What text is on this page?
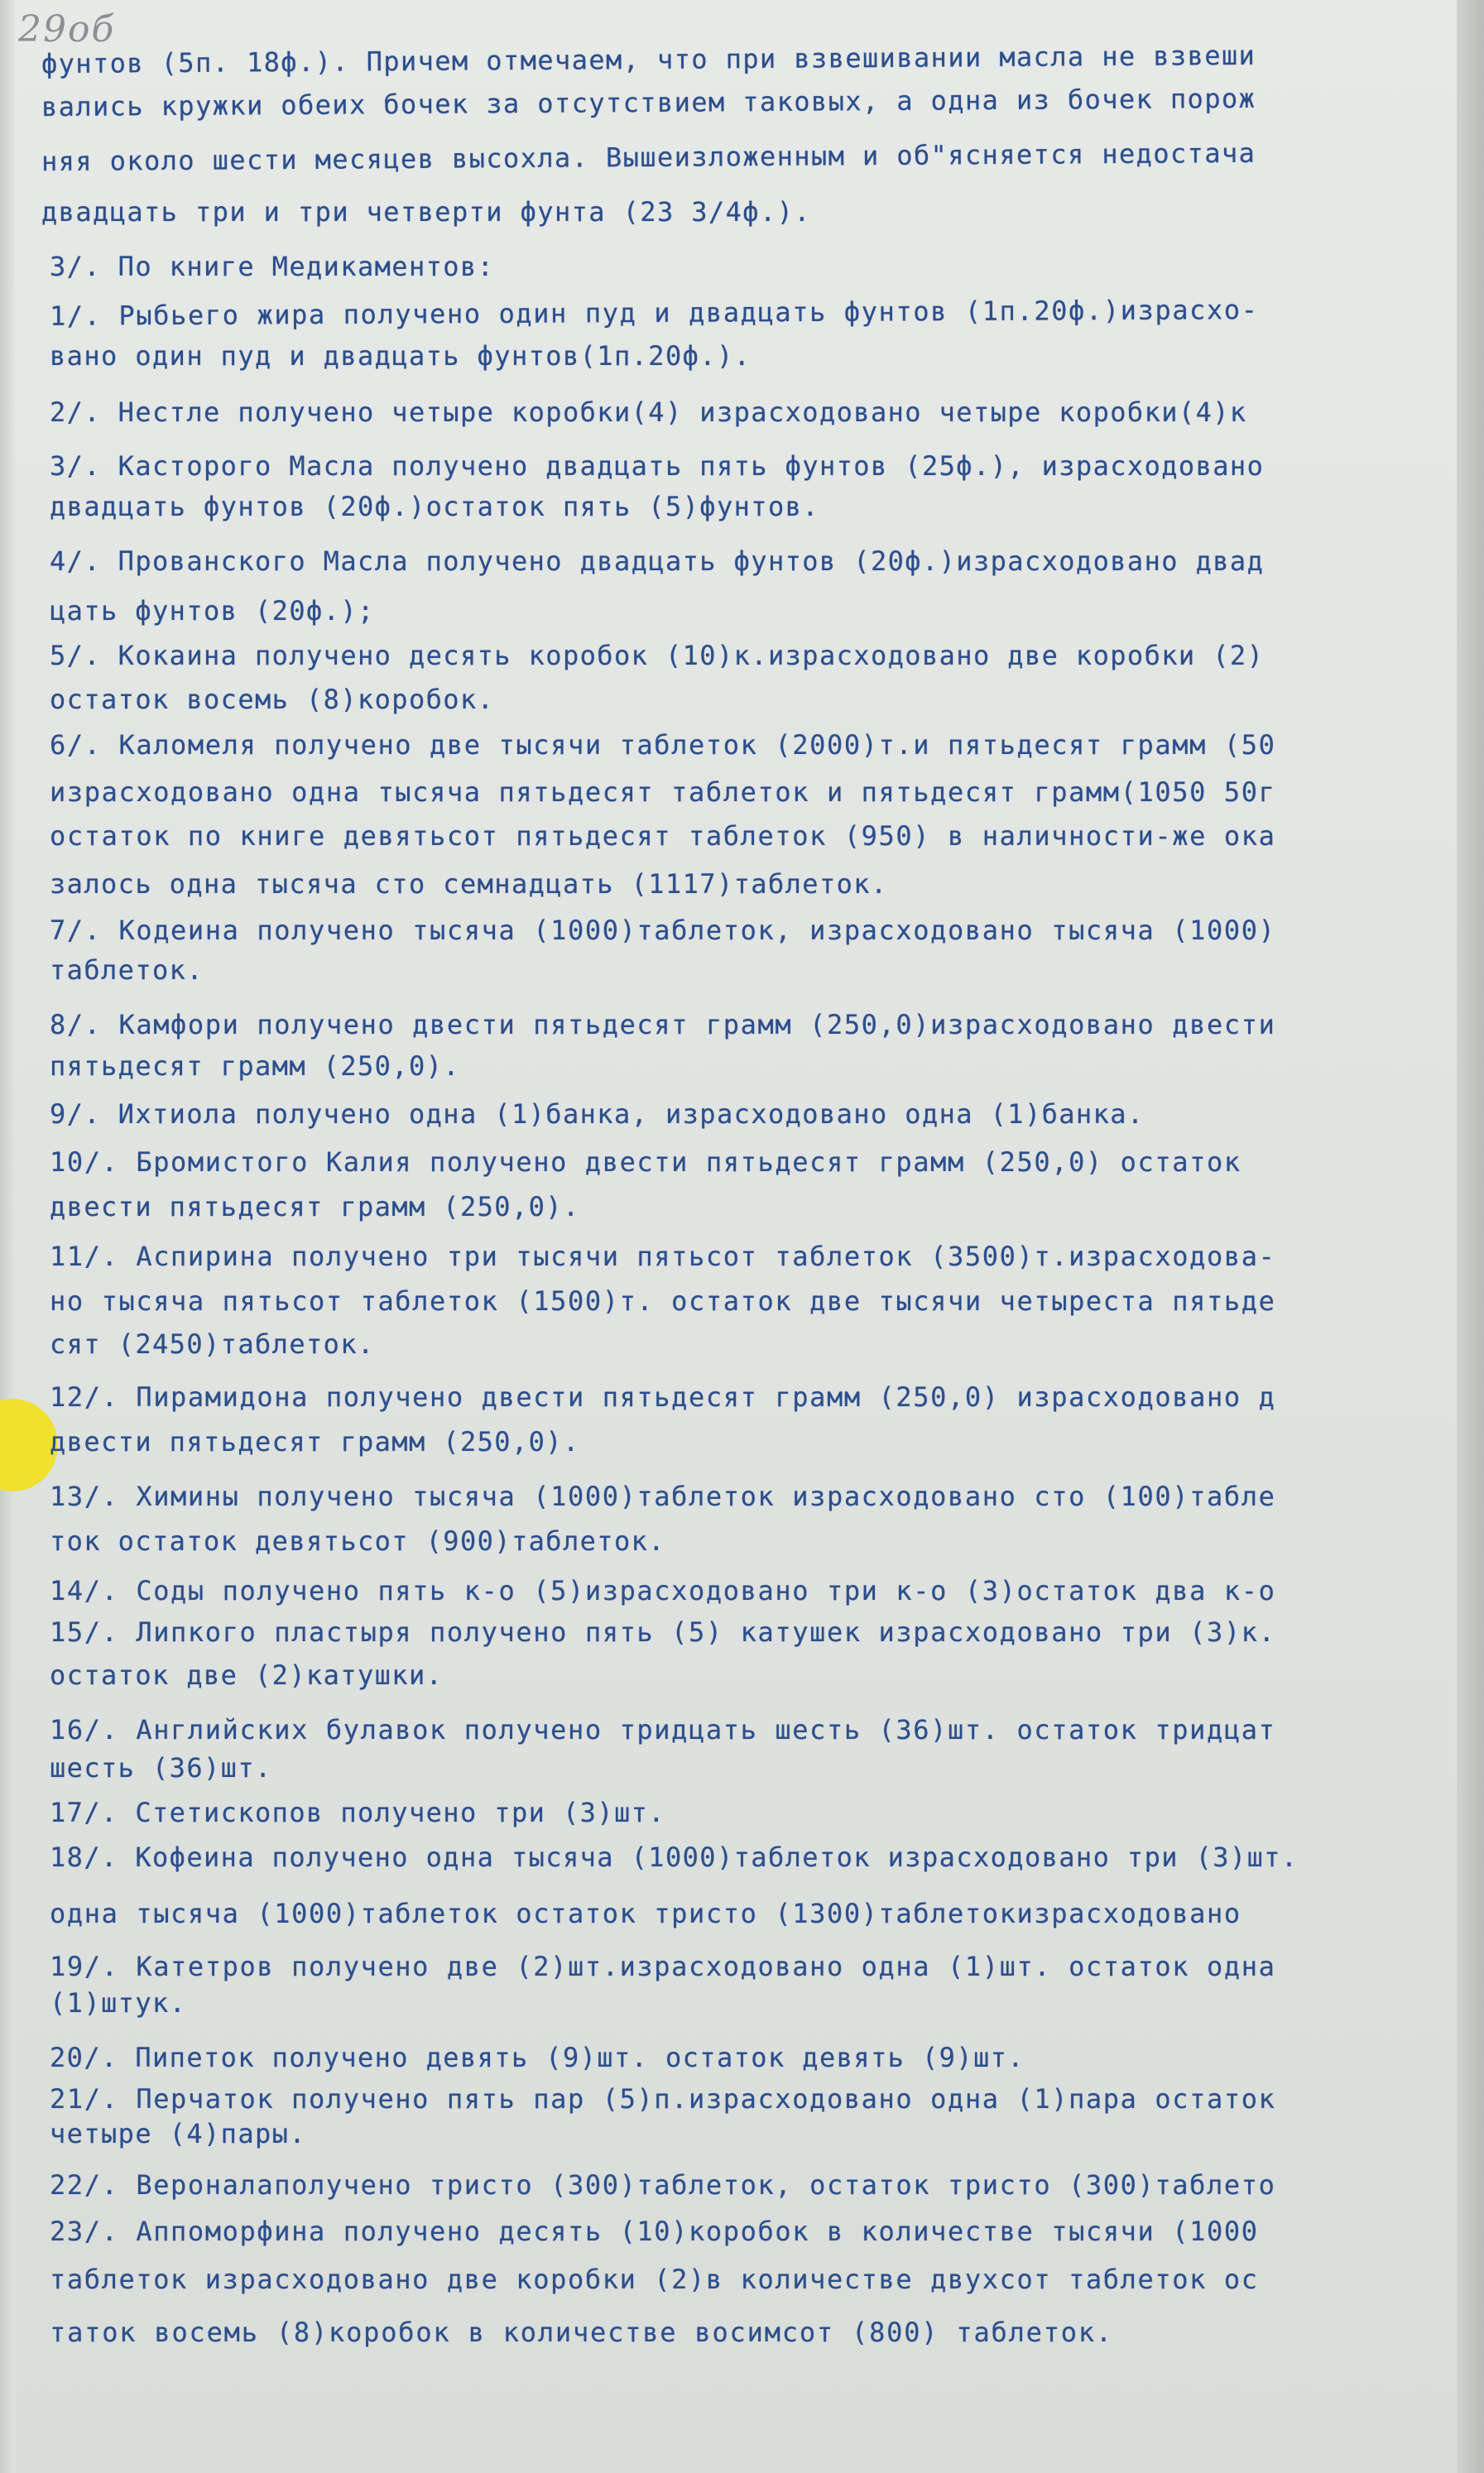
29об
фунтов (5п. 18ф.). Причем отмечаем, что при взвешивании масла не взвеши
вались кружки обеих бочек за отсутствием таковых, а одна из бочек порож
няя около шести месяцев высохла. Вышеизложенным и об"ясняется недостача
двадцать три и три четверти фунта (23 3/4ф.).
3/. По книге Медикаментов:
1/. Рыбьего жира получено один пуд и двадцать фунтов (1п.20ф.)израсхо-
вано один пуд и двадцать фунтов(1п.20ф.).
2/. Нестле получено четыре коробки(4) израсходовано четыре коробки(4)к
3/. Касторого Масла получено двадцать пять фунтов (25ф.), израсходовано
двадцать фунтов (20ф.)остаток пять (5)фунтов.
4/. Прованского Масла получено двадцать фунтов (20ф.)израсходовано двад
цать фунтов (20ф.);
5/. Кокаина получено десять коробок (10)к.израсходовано две коробки (2)
остаток восемь (8)коробок.
6/. Каломеля получено две тысячи таблеток (2000)т.и пятьдесят грамм (50
израсходовано одна тысяча пятьдесят таблеток и пятьдесят грамм(1050 50г
остаток по книге девятьсот пятьдесят таблеток (950) в наличности-же ока
залось одна тысяча сто семнадцать (1117)таблеток.
7/. Кодеина получено тысяча (1000)таблеток, израсходовано тысяча (1000)
таблеток.
8/. Камфори получено двести пятьдесят грамм (250,0)израсходовано двести
пятьдесят грамм (250,0).
9/. Ихтиола получено одна (1)банка, израсходовано одна (1)банка.
10/. Бромистого Калия получено двести пятьдесят грамм (250,0) остаток
двести пятьдесят грамм (250,0).
11/. Аспирина получено три тысячи пятьсот таблеток (3500)т.израсходова-
но тысяча пятьсот таблеток (1500)т. остаток две тысячи четыреста пятьде
сят (2450)таблеток.
12/. Пирамидона получено двести пятьдесят грамм (250,0) израсходовано д
двести пятьдесят грамм (250,0).
13/. Химины получено тысяча (1000)таблеток израсходовано сто (100)табле
ток остаток девятьсот (900)таблеток.
14/. Соды получено пять к-о (5)израсходовано три к-о (3)остаток два к-о
15/. Липкого пластыря получено пять (5) катушек израсходовано три (3)к.
остаток две (2)катушки.
16/. Английских булавок получено тридцать шесть (36)шт. остаток тридцат
шесть (36)шт.
17/. Стетископов получено три (3)шт.
18/. Кофеина получено одна тысяча (1000)таблеток израсходовано три (3)шт.
одна тысяча (1000)таблеток остаток тристо (1300)таблетокизрасходовано
19/. Катетров получено две (2)шт.израсходовано одна (1)шт. остаток одна
(1)штук.
20/. Пипеток получено девять (9)шт. остаток девять (9)шт.
21/. Перчаток получено пять пар (5)п.израсходовано одна (1)пара остаток
четыре (4)пары.
22/. Вероналаполучено тристо (300)таблеток, остаток тристо (300)таблето
23/. Аппоморфина получено десять (10)коробок в количестве тысячи (1000
таблеток израсходовано две коробки (2)в количестве двухсот таблеток ос
таток восемь (8)коробок в количестве восимсот (800) таблеток.
